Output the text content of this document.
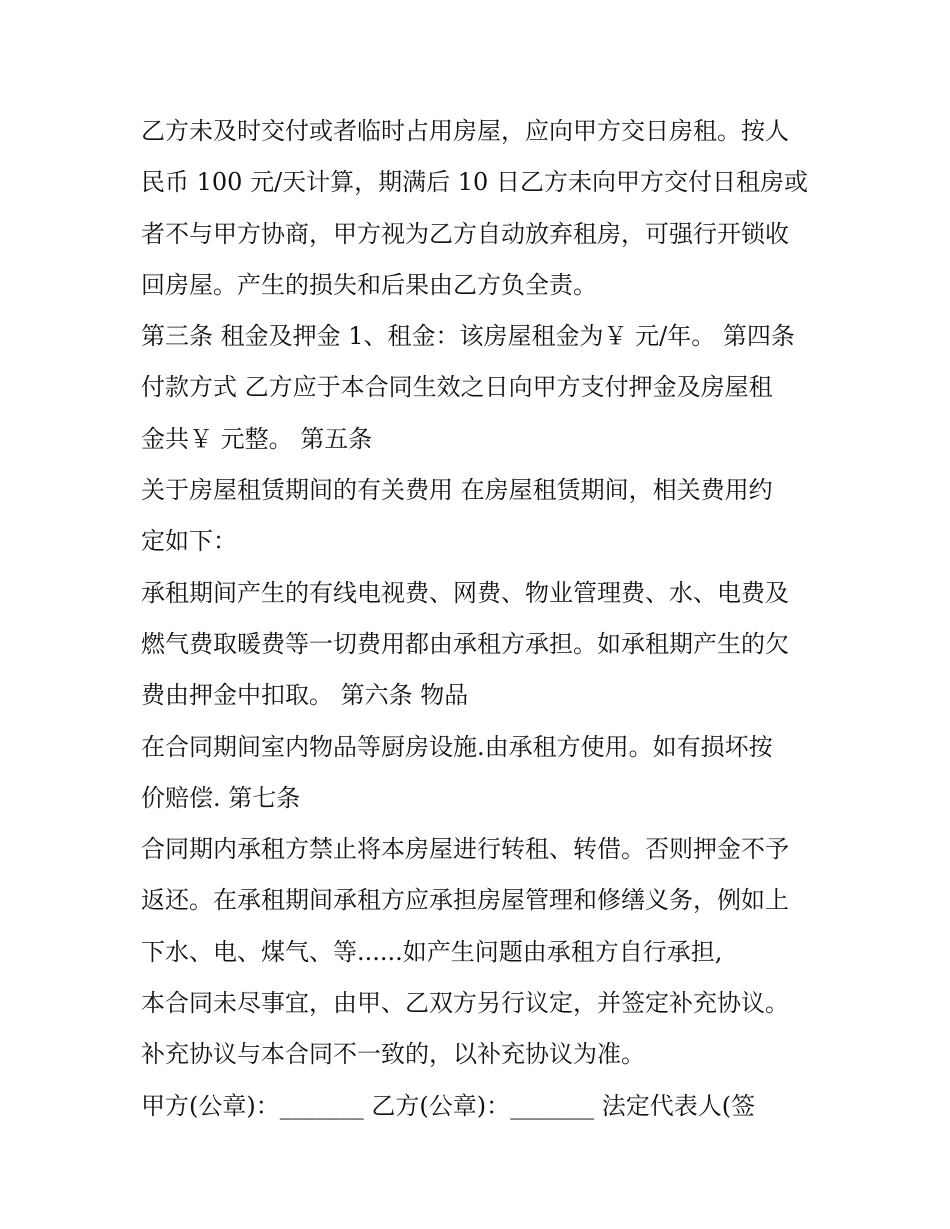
乙方未及时交付或者临时占用房屋，应向甲方交日房租。按人
民币 100 元/天计算，期满后 10 日乙方未向甲方交付日租房或
者不与甲方协商，甲方视为乙方自动放弃租房，可强行开锁收
回房屋。产生的损失和后果由乙方负全责。
第三条 租金及押金 1、租金：该房屋租金为￥ 元/年。 第四条
付款方式 乙方应于本合同生效之日向甲方支付押金及房屋租
金共￥ 元整。 第五条
关于房屋租赁期间的有关费用 在房屋租赁期间，相关费用约
定如下：
承租期间产生的有线电视费、网费、物业管理费、水、电费及
燃气费取暖费等一切费用都由承租方承担。如承租期产生的欠
费由押金中扣取。 第六条 物品
在合同期间室内物品等厨房设施.由承租方使用。如有损坏按
价赔偿. 第七条
合同期内承租方禁止将本房屋进行转租、转借。否则押金不予
返还。在承租期间承租方应承担房屋管理和修缮义务，例如上
下水、电、煤气、等......如产生问题由承租方自行承担,
本合同未尽事宜，由甲、乙双方另行议定，并签定补充协议。
补充协议与本合同不一致的，以补充协议为准。
甲方(公章)：_______ 乙方(公章)：_______ 法定代表人(签
